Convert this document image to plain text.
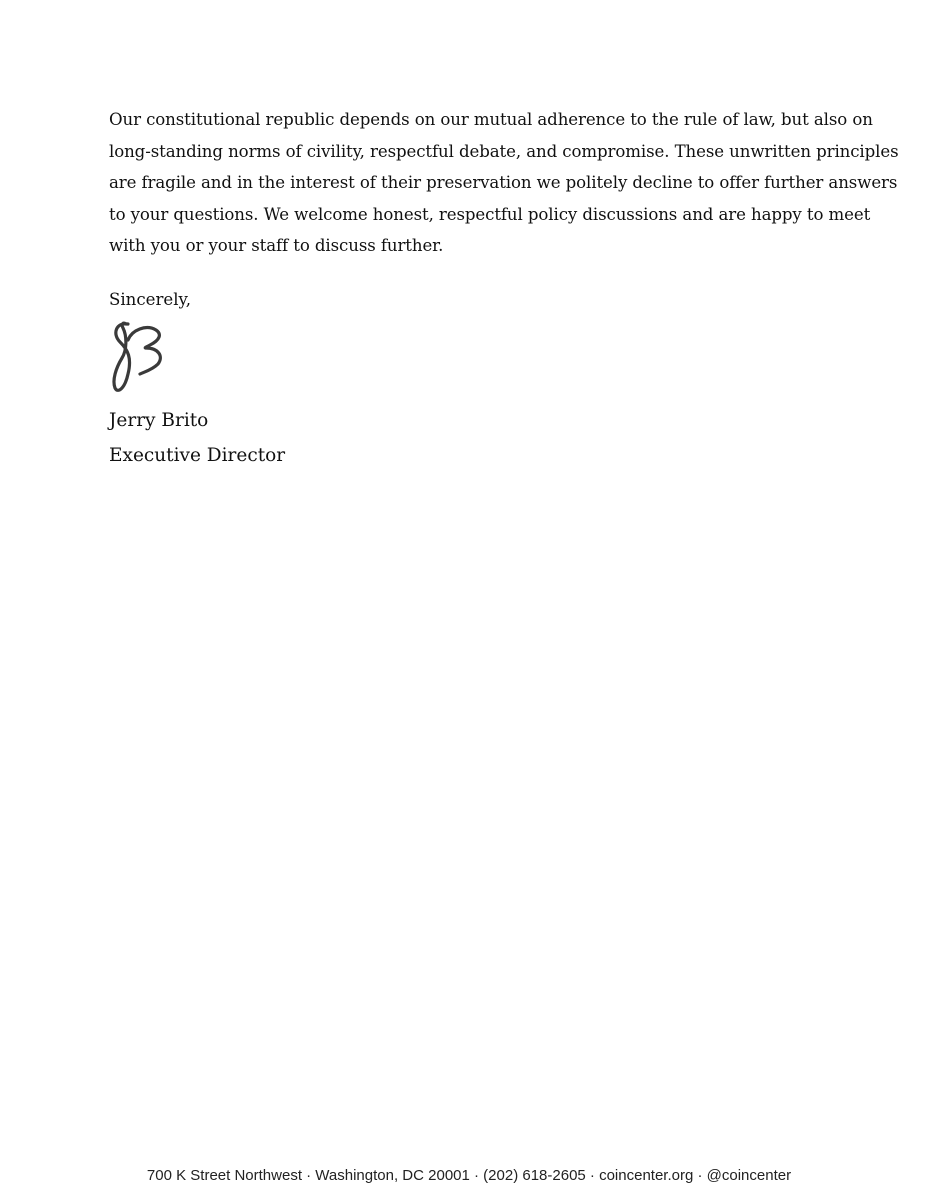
Our constitutional republic depends on our mutual adherence to the rule of law, but also on
long-standing norms of civility, respectful debate, and compromise. These unwritten principles
are fragile and in the interest of their preservation we politely decline to offer further answers
to your questions. We welcome honest, respectful policy discussions and are happy to meet
with you or your staff to discuss further.

Sincerely,

Jerry Brito

Executive Director

700 K Street Northwest · Washington, DC 20001 · (202) 618-2605 · coincenter.org · @coincenter
